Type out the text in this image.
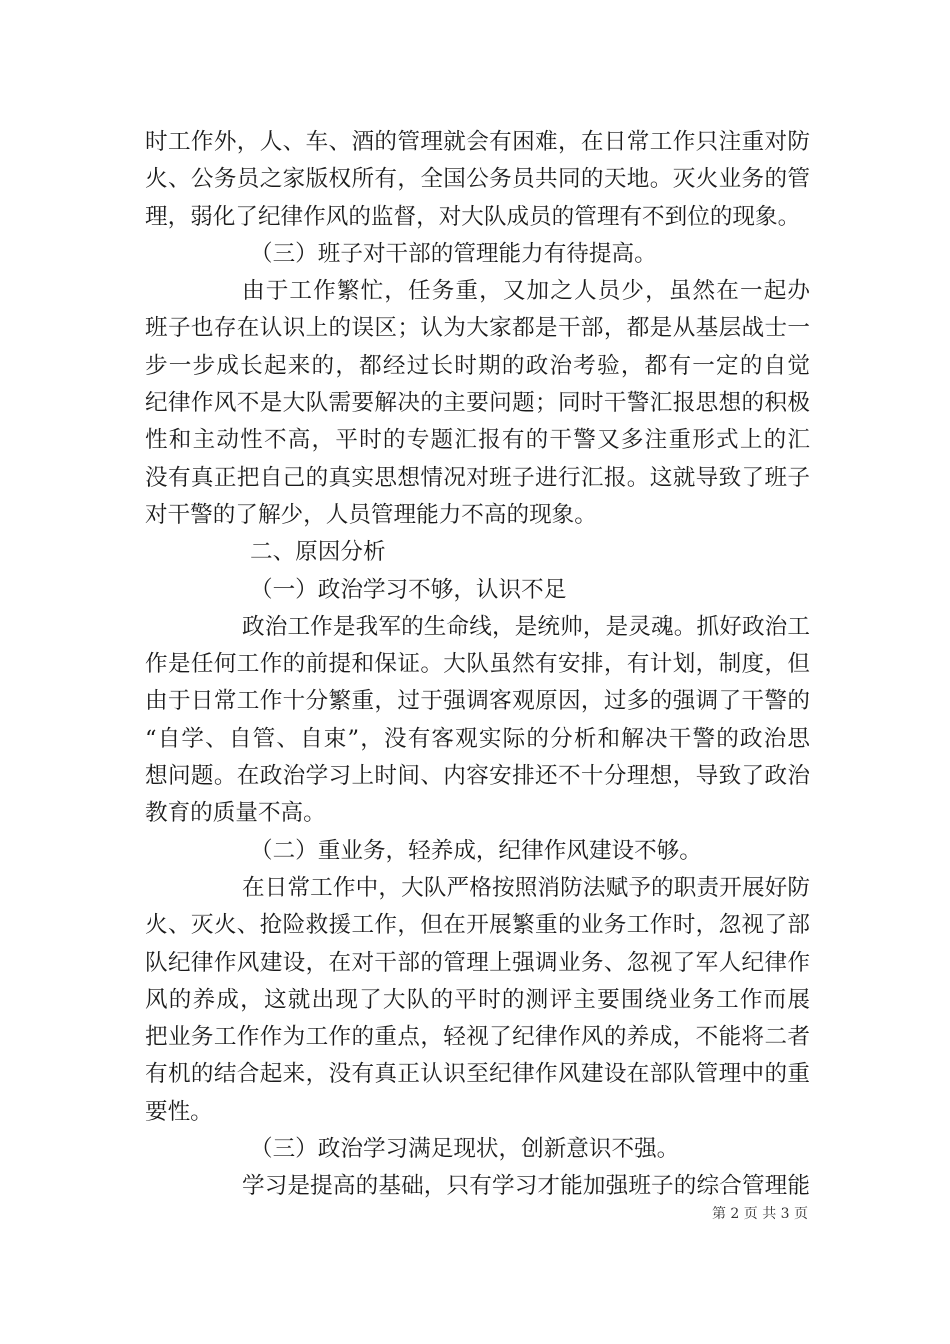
时工作外，人、车、酒的管理就会有困难，在日常工作只注重对防
火、公务员之家版权所有，全国公务员共同的天地。灭火业务的管
理，弱化了纪律作风的监督，对大队成员的管理有不到位的现象。
（三）班子对干部的管理能力有待提高。
由于工作繁忙，任务重，又加之人员少，虽然在一起办
班子也存在认识上的误区；认为大家都是干部，都是从基层战士一
步一步成长起来的，都经过长时期的政治考验，都有一定的自觉
纪律作风不是大队需要解决的主要问题；同时干警汇报思想的积极
性和主动性不高，平时的专题汇报有的干警又多注重形式上的汇
没有真正把自己的真实思想情况对班子进行汇报。这就导致了班子
对干警的了解少，人员管理能力不高的现象。
二、原因分析
（一）政治学习不够，认识不足
政治工作是我军的生命线，是统帅，是灵魂。抓好政治工
作是任何工作的前提和保证。大队虽然有安排，有计划，制度，但
由于日常工作十分繁重，过于强调客观原因，过多的强调了干警的
“自学、自管、自束”，没有客观实际的分析和解决干警的政治思
想问题。在政治学习上时间、内容安排还不十分理想，导致了政治
教育的质量不高。
（二）重业务，轻养成，纪律作风建设不够。
在日常工作中，大队严格按照消防法赋予的职责开展好防
火、灭火、抢险救援工作，但在开展繁重的业务工作时，忽视了部
队纪律作风建设，在对干部的管理上强调业务、忽视了军人纪律作
风的养成，这就出现了大队的平时的测评主要围绕业务工作而展
把业务工作作为工作的重点，轻视了纪律作风的养成，不能将二者
有机的结合起来，没有真正认识至纪律作风建设在部队管理中的重
要性。
（三）政治学习满足现状，创新意识不强。
学习是提高的基础，只有学习才能加强班子的综合管理能
第 2 页 共 3 页
